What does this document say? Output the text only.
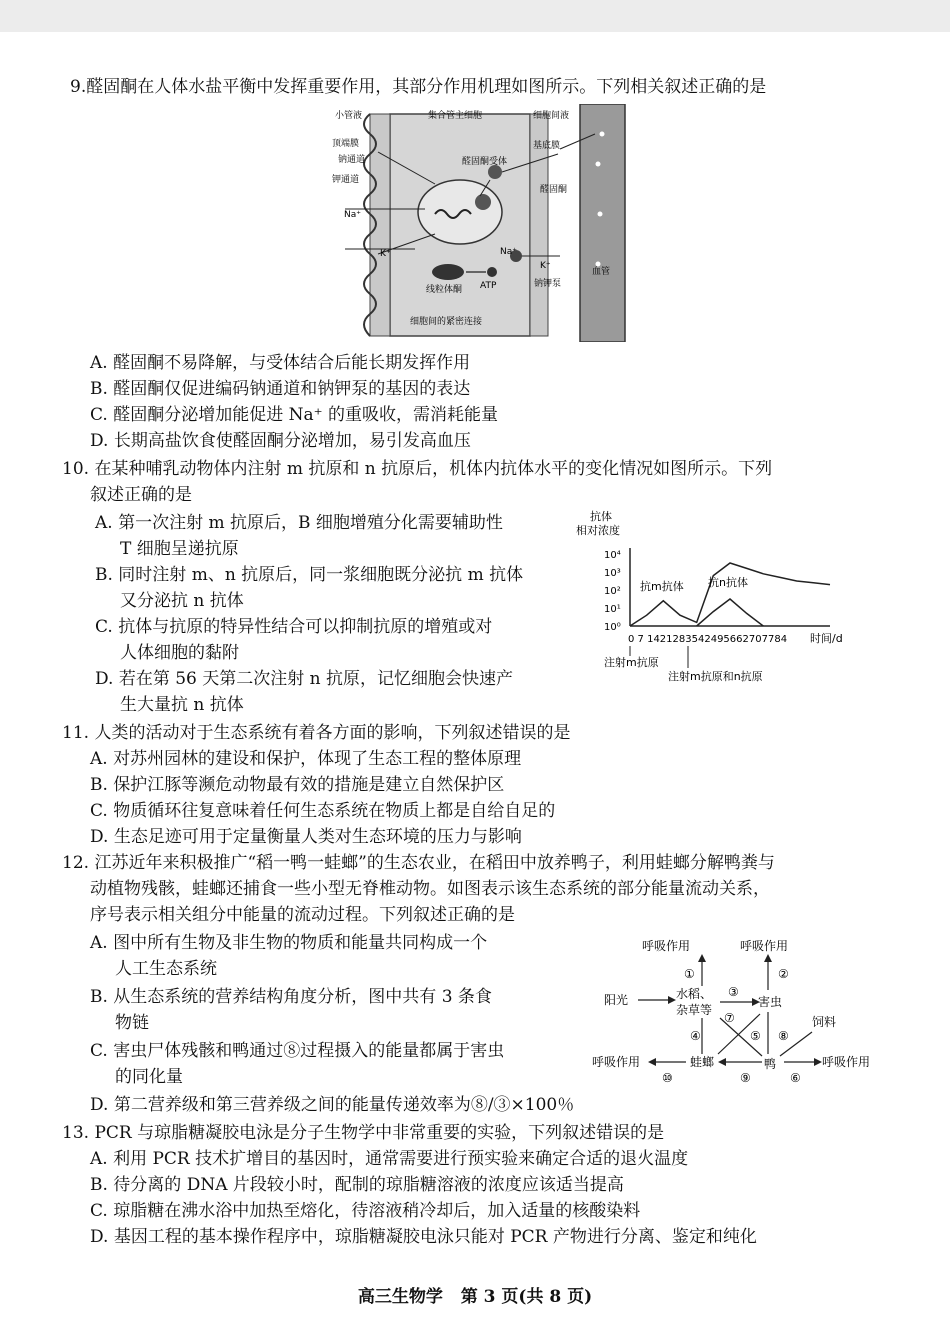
9.醛固酮在人体水盐平衡中发挥重要作用，其部分作用机理如图所示。下列相关叙述正确的是
小管液	集合管主细胞	细胞间液
顶端膜
钠通道
钾通道
基底膜
醛固酮受体
醛固酮
Na⁺
K⁺	Na⁺
K⁺
线粒体酮 ATP	钠钾泵
细胞间的紧密连接
血管
A. 醛固酮不易降解，与受体结合后能长期发挥作用
B. 醛固酮仅促进编码钠通道和钠钾泵的基因的表达
C. 醛固酮分泌增加能促进 Na⁺ 的重吸收，需消耗能量
D. 长期高盐饮食使醛固酮分泌增加，易引发高血压
10. 在某种哺乳动物体内注射 m 抗原和 n 抗原后，机体内抗体水平的变化情况如图所示。下列
叙述正确的是
A. 第一次注射 m 抗原后，B 细胞增殖分化需要辅助性
T 细胞呈递抗原
B. 同时注射 m、n 抗原后，同一浆细胞既分泌抗 m 抗体
又分泌抗 n 抗体
C. 抗体与抗原的特异性结合可以抑制抗原的增殖或对
人体细胞的黏附
D. 若在第 56 天第二次注射 n 抗原，记忆细胞会快速产
生大量抗 n 抗体
抗体
相对浓度
10⁴
10³
10²
10¹
10⁰
0 7 1421283542495662707784 时间/d
抗m抗体 抗n抗体
注射m抗原
注射m抗原和n抗原
11. 人类的活动对于生态系统有着各方面的影响，下列叙述错误的是
A. 对苏州园林的建设和保护，体现了生态工程的整体原理
B. 保护江豚等濒危动物最有效的措施是建立自然保护区
C. 物质循环往复意味着任何生态系统在物质上都是自给自足的
D. 生态足迹可用于定量衡量人类对生态环境的压力与影响
12. 江苏近年来积极推广“稻一鸭一蛙螂”的生态农业，在稻田中放养鸭子，利用蛙螂分解鸭粪与
动植物残骸，蛙螂还捕食一些小型无脊椎动物。如图表示该生态系统的部分能量流动关系，
序号表示相关组分中能量的流动过程。下列叙述正确的是
A. 图中所有生物及非生物的物质和能量共同构成一个
人工生态系统
B. 从生态系统的营养结构角度分析，图中共有 3 条食
物链
C. 害虫尸体残骸和鸭通过⑧过程摄入的能量都属于害虫
的同化量
D. 第二营养级和第三营养级之间的能量传递效率为⑧/③×100％
呼吸作用	呼吸作用
①	②
阳光	水稻、
杂草等
③
害虫
⑦	饲料
④	⑤ ⑧
呼吸作用	蛙螂	鸭	呼吸作用
⑩	⑨	⑥
13. PCR 与琼脂糖凝胶电泳是分子生物学中非常重要的实验，下列叙述错误的是
A. 利用 PCR 技术扩增目的基因时，通常需要进行预实验来确定合适的退火温度
B. 待分离的 DNA 片段较小时，配制的琼脂糖溶液的浓度应该适当提高
C. 琼脂糖在沸水浴中加热至熔化，待溶液稍冷却后，加入适量的核酸染料
D. 基因工程的基本操作程序中，琼脂糖凝胶电泳只能对 PCR 产物进行分离、鉴定和纯化
高三生物学 第 3 页(共 8 页)
